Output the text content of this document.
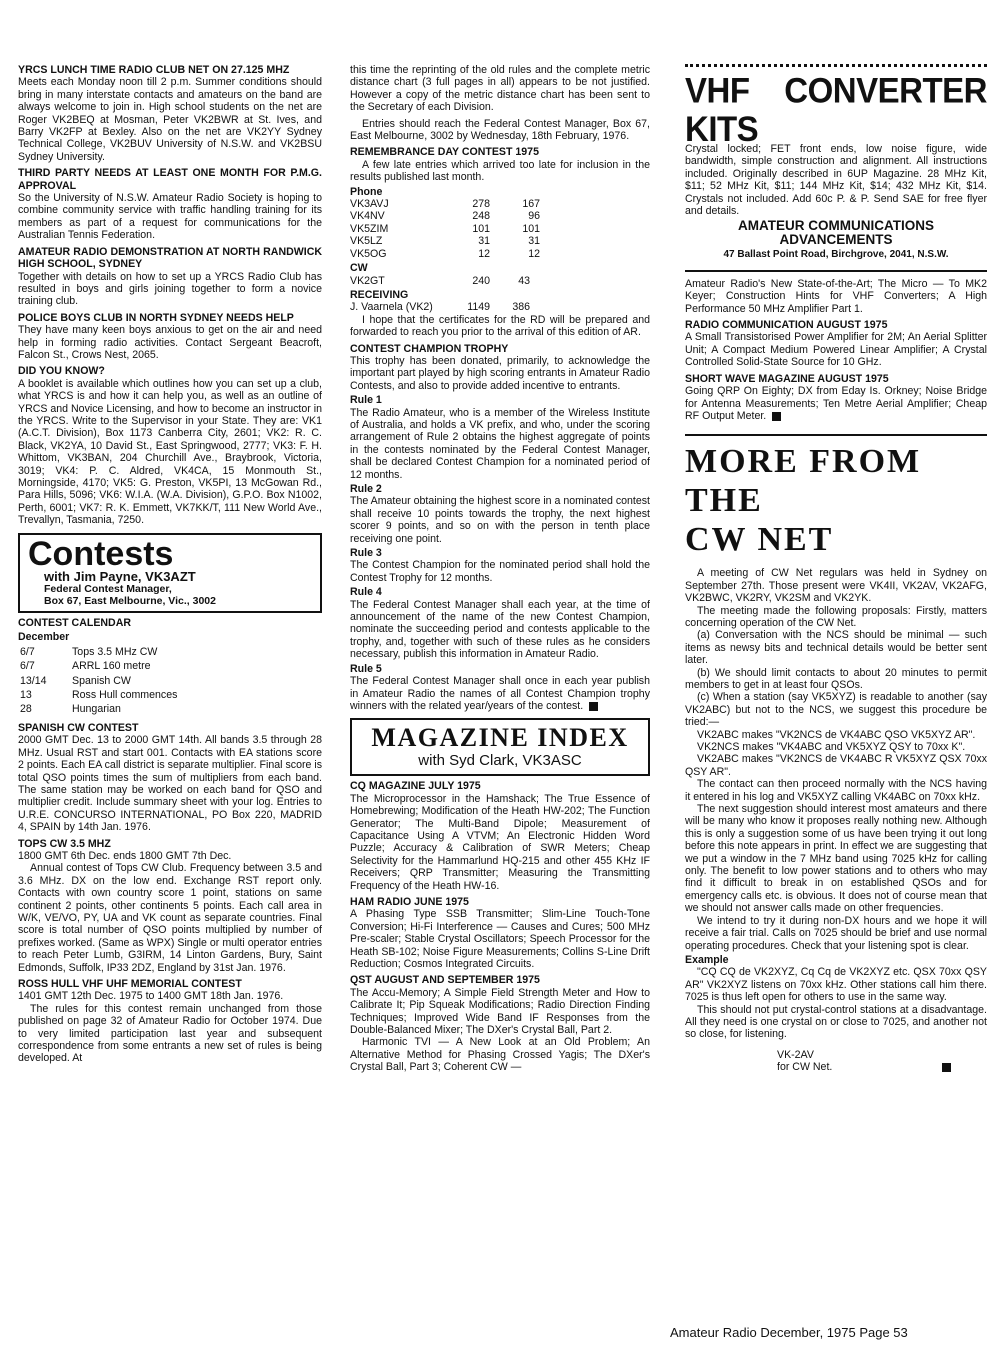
YRCS LUNCH TIME RADIO CLUB NET ON 27.125 MHZ

Meets each Monday noon till 2 p.m. Summer conditions should bring in many interstate contacts and amateurs on the band are always welcome to join in. High school students on the net are Roger VK2BEQ at Mosman, Peter VK2BWR at St. Ives, and Barry VK2FP at Bexley. Also on the net are VK2YY Sydney Technical College, VK2BUV University of N.S.W. and VK2BSU Sydney University.

THIRD PARTY NEEDS AT LEAST ONE MONTH FOR P.M.G. APPROVAL

So the University of N.S.W. Amateur Radio Society is hoping to combine community service with traffic handling training for its members as part of a request for communications for the Australian Tennis Federation.

AMATEUR RADIO DEMONSTRATION AT NORTH RANDWICK HIGH SCHOOL, SYDNEY

Together with details on how to set up a YRCS Radio Club has resulted in boys and girls joining together to form a novice training club.

POLICE BOYS CLUB IN NORTH SYDNEY NEEDS HELP

They have many keen boys anxious to get on the air and need help in forming radio activities. Contact Sergeant Beacroft, Falcon St., Crows Nest, 2065.

DID YOU KNOW?

A booklet is available which outlines how you can set up a club, what YRCS is and how it can help you, as well as an outline of YRCS and Novice Licensing, and how to become an instructor in the YRCS. Write to the Supervisor in your State. They are: VK1 (A.C.T. Division), Box 1173 Canberra City, 2601; VK2: R. C. Black, VK2YA, 10 David St., East Springwood, 2777; VK3: F. H. Whittom, VK3BAN, 204 Churchill Ave., Braybrook, Victoria, 3019; VK4: P. C. Aldred, VK4CA, 15 Monmouth St., Morningside, 4170; VK5: G. Preston, VK5PI, 13 McGowan Rd., Para Hills, 5096; VK6: W.I.A. (W.A. Division), G.P.O. Box N1002, Perth, 6001; VK7: R. K. Emmett, VK7KK/T, 111 New World Ave., Trevallyn, Tasmania, 7250.

Contests

with Jim Payne, VK3AZT

Federal Contest Manager,
Box 67, East Melbourne, Vic., 3002

CONTEST CALENDAR

December

6/7	Tops 3.5 MHz CW
6/7	ARRL 160 metre
13/14	Spanish CW
13	Ross Hull commences
28	Hungarian

SPANISH CW CONTEST

2000 GMT Dec. 13 to 2000 GMT 14th. All bands 3.5 through 28 MHz. Usual RST and start 001. Contacts with EA stations score 2 points. Each EA call district is separate multiplier. Final score is total QSO points times the sum of multipliers from each band. The same station may be worked on each band for QSO and multiplier credit. Include summary sheet with your log. Entries to U.R.E. CONCURSO INTERNATIONAL, PO Box 220, MADRID 4, SPAIN by 14th Jan. 1976.

TOPS CW 3.5 MHZ

1800 GMT 6th Dec. ends 1800 GMT 7th Dec.

Annual contest of Tops CW Club. Frequency between 3.5 and 3.6 MHz. DX on the low end. Exchange RST report only. Contacts with own country score 1 point, stations on same continent 2 points, other continents 5 points. Each call area in W/K, VE/VO, PY, UA and VK count as separate countries. Final score is total number of QSO points multiplied by number of prefixes worked. (Same as WPX) Single or multi operator entries to reach Peter Lumb, G3IRM, 14 Linton Gardens, Bury, Saint Edmonds, Suffolk, IP33 2DZ, England by 31st Jan. 1976.

ROSS HULL VHF UHF MEMORIAL CONTEST

1401 GMT 12th Dec. 1975 to 1400 GMT 18th Jan. 1976.

The rules for this contest remain unchanged from those published on page 32 of Amateur Radio for October 1974. Due to very limited participation last year and subsequent correspondence from some entrants a new set of rules is being developed. At

this time the reprinting of the old rules and the complete metric distance chart (3 full pages in all) appears to be not justified. However a copy of the metric distance chart has been sent to the Secretary of each Division.

Entries should reach the Federal Contest Manager, Box 67, East Melbourne, 3002 by Wednesday, 18th February, 1976.

REMEMBRANCE DAY CONTEST 1975

A few late entries which arrived too late for inclusion in the results published last month.

Phone

VK3AVJ	278	167
VK4NV	248	96
VK5ZIM	101	101
VK5LZ	31	31
VK5OG	12	12

CW

VK2GT	240	43

RECEIVING

J. Vaarnela (VK2)	1149	386

I hope that the certificates for the RD will be prepared and forwarded to reach you prior to the arrival of this edition of AR.

CONTEST CHAMPION TROPHY

This trophy has been donated, primarily, to acknowledge the important part played by high scoring entrants in Amateur Radio Contests, and also to provide added incentive to entrants.

Rule 1

The Radio Amateur, who is a member of the Wireless Institute of Australia, and holds a VK prefix, and who, under the scoring arrangement of Rule 2 obtains the highest aggregate of points in the contests nominated by the Federal Contest Manager, shall be declared Contest Champion for a nominated period of 12 months.

Rule 2

The Amateur obtaining the highest score in a nominated contest shall receive 10 points towards the trophy, the next highest scorer 9 points, and so on with the person in tenth place receiving one point.

Rule 3

The Contest Champion for the nominated period shall hold the Contest Trophy for 12 months.

Rule 4

The Federal Contest Manager shall each year, at the time of announcement of the name of the new Contest Champion, nominate the succeeding period and contests applicable to the trophy, and, together with such of these rules as he considers necessary, publish this information in Amateur Radio.

Rule 5

The Federal Contest Manager shall once in each year publish in Amateur Radio the names of all Contest Champion trophy winners with the related year/years of the contest.

MAGAZINE INDEX
with Syd Clark, VK3ASC

CQ MAGAZINE JULY 1975

The Microprocessor in the Hamshack; The True Essence of Homebrewing; Modification of the Heath HW-202; The Function Generator; The Multi-Band Dipole; Measurement of Capacitance Using A VTVM; An Electronic Hidden Word Puzzle; Accuracy & Calibration of SWR Meters; Cheap Selectivity for the Hammarlund HQ-215 and other 455 KHz IF Receivers; QRP Transmitter; Measuring the Transmitting Frequency of the Heath HW-16.

HAM RADIO JUNE 1975

A Phasing Type SSB Transmitter; Slim-Line Touch-Tone Conversion; Hi-Fi Interference — Causes and Cures; 500 MHz Pre-scaler; Stable Crystal Oscillators; Speech Processor for the Heath SB-102; Noise Figure Measurements; Collins S-Line Drift Reduction; Cosmos Integrated Circuits.

QST AUGUST AND SEPTEMBER 1975

The Accu-Memory; A Simple Field Strength Meter and How to Calibrate It; Pip Squeak Modifications; Radio Direction Finding Techniques; Improved Wide Band IF Responses from the Double-Balanced Mixer; The DXer's Crystal Ball, Part 2.

Harmonic TVI — A New Look at an Old Problem; An Alternative Method for Phasing Crossed Yagis; The DXer's Crystal Ball, Part 3; Coherent CW —

VHF CONVERTER KITS

Crystal locked; FET front ends, low noise figure, wide bandwidth, simple construction and alignment. All instructions included. Originally described in 6UP Magazine. 28 MHz Kit, $11; 52 MHz Kit, $11; 144 MHz Kit, $14; 432 MHz Kit, $14. Crystals not included. Add 60c P. & P. Send SAE for free flyer and details.

AMATEUR COMMUNICATIONS
ADVANCEMENTS

47 Ballast Point Road, Birchgrove, 2041, N.S.W.

Amateur Radio's New State-of-the-Art; The Micro — To MK2 Keyer; Construction Hints for VHF Converters; A High Performance 50 MHz Amplifier Part 1.

RADIO COMMUNICATION AUGUST 1975

A Small Transistorised Power Amplifier for 2M; An Aerial Splitter Unit; A Compact Medium Powered Linear Amplifier; A Crystal Controlled Solid-State Source for 10 GHz.

SHORT WAVE MAGAZINE AUGUST 1975

Going QRP On Eighty; DX from Eday Is. Orkney; Noise Bridge for Antenna Measurements; Ten Metre Aerial Amplifier; Cheap RF Output Meter.

MORE FROM
THE
CW NET

A meeting of CW Net regulars was held in Sydney on September 27th. Those present were VK4II, VK2AV, VK2AFG, VK2BWC, VK2RY, VK2SM and VK2YK.

The meeting made the following proposals: Firstly, matters concerning operation of the CW Net.

(a) Conversation with the NCS should be minimal — such items as newsy bits and technical details would be better sent later.

(b) We should limit contacts to about 20 minutes to permit members to get in at least four QSOs.

(c) When a station (say VK5XYZ) is readable to another (say VK2ABC) but not to the NCS, we suggest this procedure be tried:—

VK2ABC makes "VK2NCS de VK4ABC QSO VK5XYZ AR".

VK2NCS makes "VK4ABC and VK5XYZ QSY to 70xx K".

VK2ABC makes "VK2NCS de VK4ABC R VK5XYZ QSX 70xx QSY AR".

The contact can then proceed normally with the NCS having it entered in his log and VK5XYZ calling VK4ABC on 70xx kHz.

The next suggestion should interest most amateurs and there will be many who know it proposes really nothing new. Although this is only a suggestion some of us have been trying it out long before this note appears in print. In effect we are suggesting that we put a window in the 7 MHz band using 7025 kHz for calling only. The benefit to low power stations and to others who may find it difficult to break in on established QSOs and for emergency calls etc. is obvious. It does not of course mean that we should not answer calls made on other frequencies.

We intend to try it during non-DX hours and we hope it will receive a fair trial. Calls on 7025 should be brief and use normal operating procedures. Check that your listening spot is clear.

Example

"CQ CQ de VK2XYZ, Cq Cq de VK2XYZ etc. QSX 70xx QSY AR" VK2XYZ listens on 70xx kHz. Other stations call him there. 7025 is thus left open for others to use in the same way.

This should not put crystal-control stations at a disadvantage. All they need is one crystal on or close to 7025, and another not so close, for listening.

VK-2AV

for CW Net.

Amateur Radio December, 1975 Page 53
